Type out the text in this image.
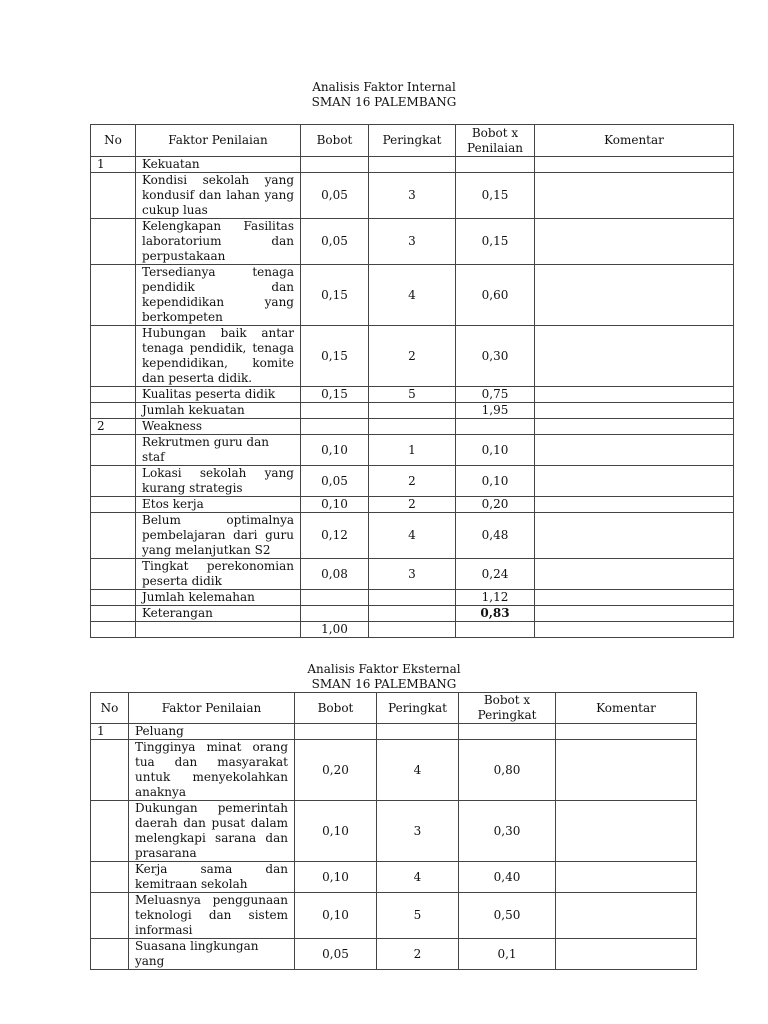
Analisis Faktor Internal
SMAN 16 PALEMBANG
No	Faktor Penilaian	Bobot	Peringkat	Bobot x Penilaian	Komentar
1	Kekuatan				
	Kondisi sekolah yang kondusif dan lahan yang cukup luas	0,05	3	0,15	
	Kelengkapan Fasilitas laboratorium dan perpustakaan	0,05	3	0,15	
	Tersedianya tenaga pendidik dan kependidikan yang berkompeten	0,15	4	0,60	
	Hubungan baik antar tenaga pendidik, tenaga kependidikan, komite dan peserta didik.	0,15	2	0,30	
	Kualitas peserta didik	0,15	5	0,75	
	Jumlah kekuatan			1,95	
2	Weakness				
	Rekrutmen guru dan staf	0,10	1	0,10	
	Lokasi sekolah yang kurang strategis	0,05	2	0,10	
	Etos kerja	0,10	2	0,20	
	Belum optimalnya pembelajaran dari guru yang melanjutkan S2	0,12	4	0,48	
	Tingkat perekonomian peserta didik	0,08	3	0,24	
	Jumlah kelemahan			1,12	
	Keterangan			0,83	
		1,00			
Analisis Faktor Eksternal
SMAN 16 PALEMBANG
No	Faktor Penilaian	Bobot	Peringkat	Bobot x Peringkat	Komentar
1	Peluang				
	Tingginya minat orang tua dan masyarakat untuk menyekolahkan anaknya	0,20	4	0,80	
	Dukungan pemerintah daerah dan pusat dalam melengkapi sarana dan prasarana	0,10	3	0,30	
	Kerja sama dan kemitraan sekolah	0,10	4	0,40	
	Meluasnya penggunaan teknologi dan sistem informasi	0,10	5	0,50	
	Suasana lingkungan yang	0,05	2	0,1	
